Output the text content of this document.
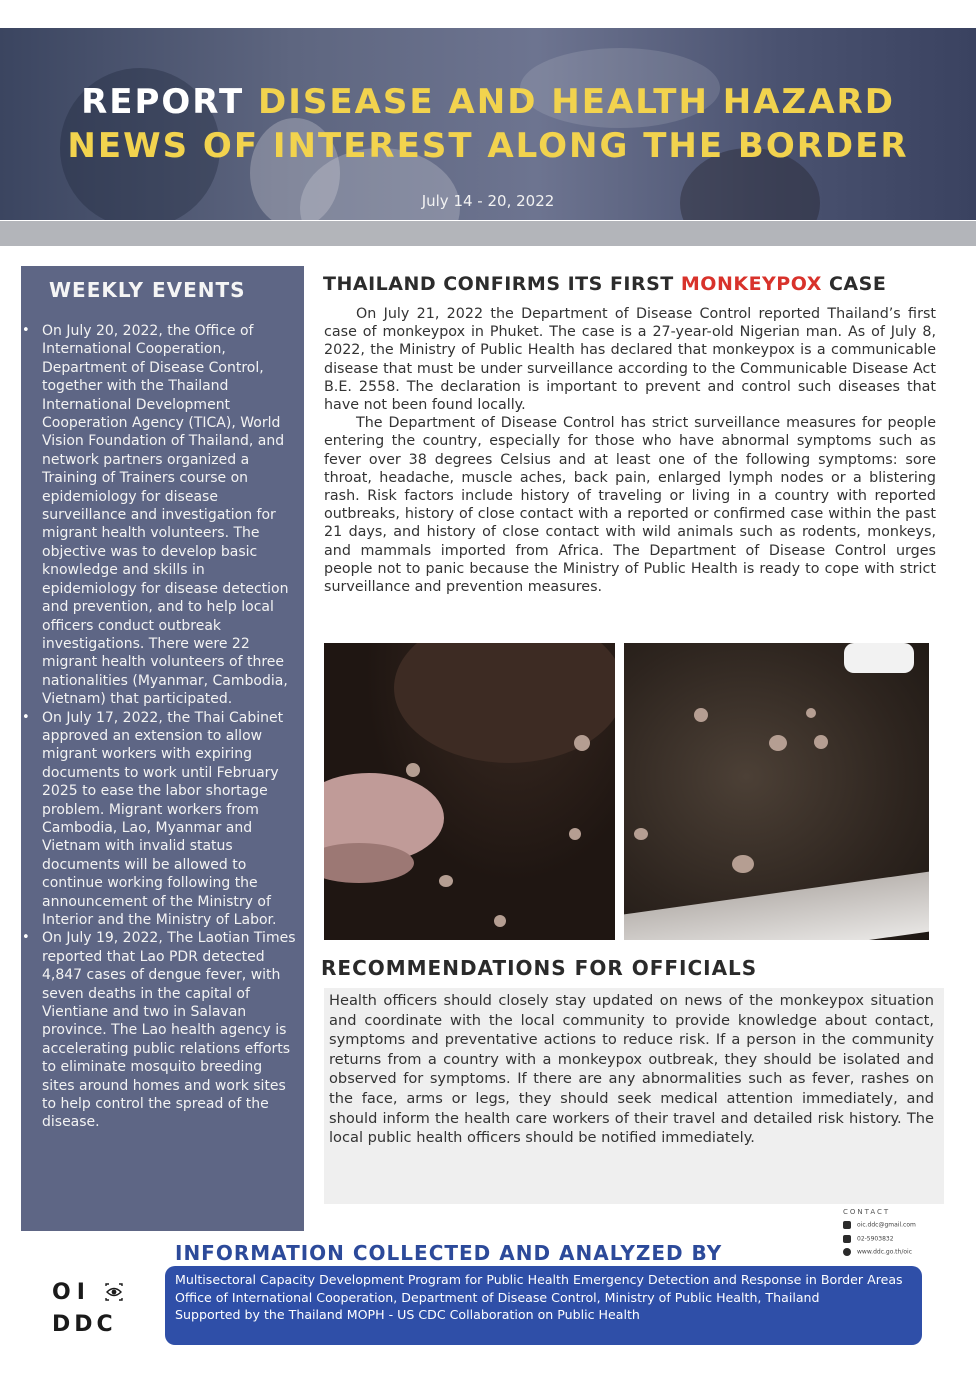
REPORT DISEASE AND HEALTH HAZARD
NEWS OF INTEREST ALONG THE BORDER
July 14 - 20, 2022
WEEKLY EVENTS
• On July 20, 2022, the Office of International Cooperation, Department of Disease Control, together with the Thailand International Development Cooperation Agency (TICA), World Vision Foundation of Thailand, and network partners organized a Training of Trainers course on epidemiology for disease surveillance and investigation for migrant health volunteers. The objective was to develop basic knowledge and skills in epidemiology for disease detection and prevention, and to help local officers conduct outbreak investigations. There were 22 migrant health volunteers of three nationalities (Myanmar, Cambodia, Vietnam) that participated.
• On July 17, 2022, the Thai Cabinet approved an extension to allow migrant workers with expiring documents to work until February 2025 to ease the labor shortage problem. Migrant workers from Cambodia, Lao, Myanmar and Vietnam with invalid status documents will be allowed to continue working following the announcement of the Ministry of Interior and the Ministry of Labor.
• On July 19, 2022, The Laotian Times reported that Lao PDR detected 4,847 cases of dengue fever, with seven deaths in the capital of Vientiane and two in Salavan province. The Lao health agency is accelerating public relations efforts to eliminate mosquito breeding sites around homes and work sites to help control the spread of the disease.
THAILAND CONFIRMS ITS FIRST MONKEYPOX CASE

On July 21, 2022 the Department of Disease Control reported Thailand’s first case of monkeypox in Phuket. The case is a 27-year-old Nigerian man. As of July 8, 2022, the Ministry of Public Health has declared that monkeypox is a communicable disease that must be under surveillance according to the Communicable Disease Act B.E. 2558. The declaration is important to prevent and control such diseases that have not been found locally.

The Department of Disease Control has strict surveillance measures for people entering the country, especially for those who have abnormal symptoms such as fever over 38 degrees Celsius and at least one of the following symptoms: sore throat, headache, muscle aches, back pain, enlarged lymph nodes or a blistering rash. Risk factors include history of traveling or living in a country with reported outbreaks, history of close contact with a reported or confirmed case within the past 21 days, and history of close contact with wild animals such as rodents, monkeys, and mammals imported from Africa. The Department of Disease Control urges people not to panic because the Ministry of Public Health is ready to cope with strict surveillance and prevention measures.

RECOMMENDATIONS FOR OFFICIALS
Health officers should closely stay updated on news of the monkeypox situation and coordinate with the local community to provide knowledge about contact, symptoms and preventative actions to reduce risk. If a person in the community returns from a country with a monkeypox outbreak, they should be isolated and observed for symptoms. If there are any abnormalities such as fever, rashes on the face, arms or legs, they should seek medical attention immediately, and should inform the health care workers of their travel and detailed risk history. The local public health officers should be notified immediately.
CONTACT
oic.ddc@gmail.com
02-5903832
www.ddc.go.th/oic
OI
DDC
INFORMATION COLLECTED AND ANALYZED BY
Multisectoral Capacity Development Program for Public Health Emergency Detection and Response in Border Areas
Office of International Cooperation, Department of Disease Control, Ministry of Public Health, Thailand
Supported by the Thailand MOPH - US CDC Collaboration on Public Health
